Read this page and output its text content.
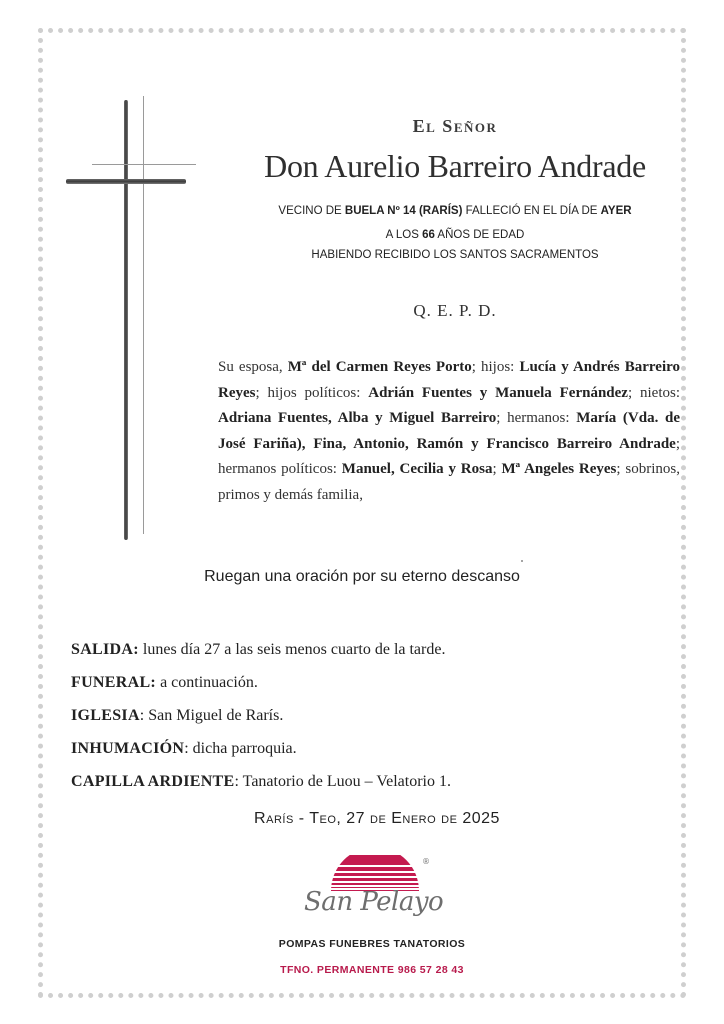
El Señor
Don Aurelio Barreiro Andrade

VECINO DE BUELA Nº 14 (RARÍS) FALLECIÓ EN EL DÍA DE AYER

A LOS 66 AÑOS DE EDAD

HABIENDO RECIBIDO LOS SANTOS SACRAMENTOS

Q. E. P. D.

Su esposa, Mª del Carmen Reyes Porto; hijos: Lucía y Andrés Barreiro Reyes; hijos políticos: Adrián Fuentes y Manuela Fernández; nietos: Adriana Fuentes, Alba y Miguel Barreiro; hermanos: María (Vda. de José Fariña), Fina, Antonio, Ramón y Francisco Barreiro Andrade; hermanos políticos: Manuel, Cecilia y Rosa; Mª Angeles Reyes; sobrinos, primos y demás familia,

Ruegan una oración por su eterno descanso
SALIDA: lunes día 27 a las seis menos cuarto de la tarde.
FUNERAL: a continuación.
IGLESIA: San Miguel de Rarís.
INHUMACIÓN: dicha parroquia.
CAPILLA ARDIENTE: Tanatorio de Luou – Velatorio 1.
Rarís - Teo, 27 de Enero de 2025
®
San Pelayo
POMPAS FUNEBRES TANATORIOS
TFNO. PERMANENTE 986 57 28 43
